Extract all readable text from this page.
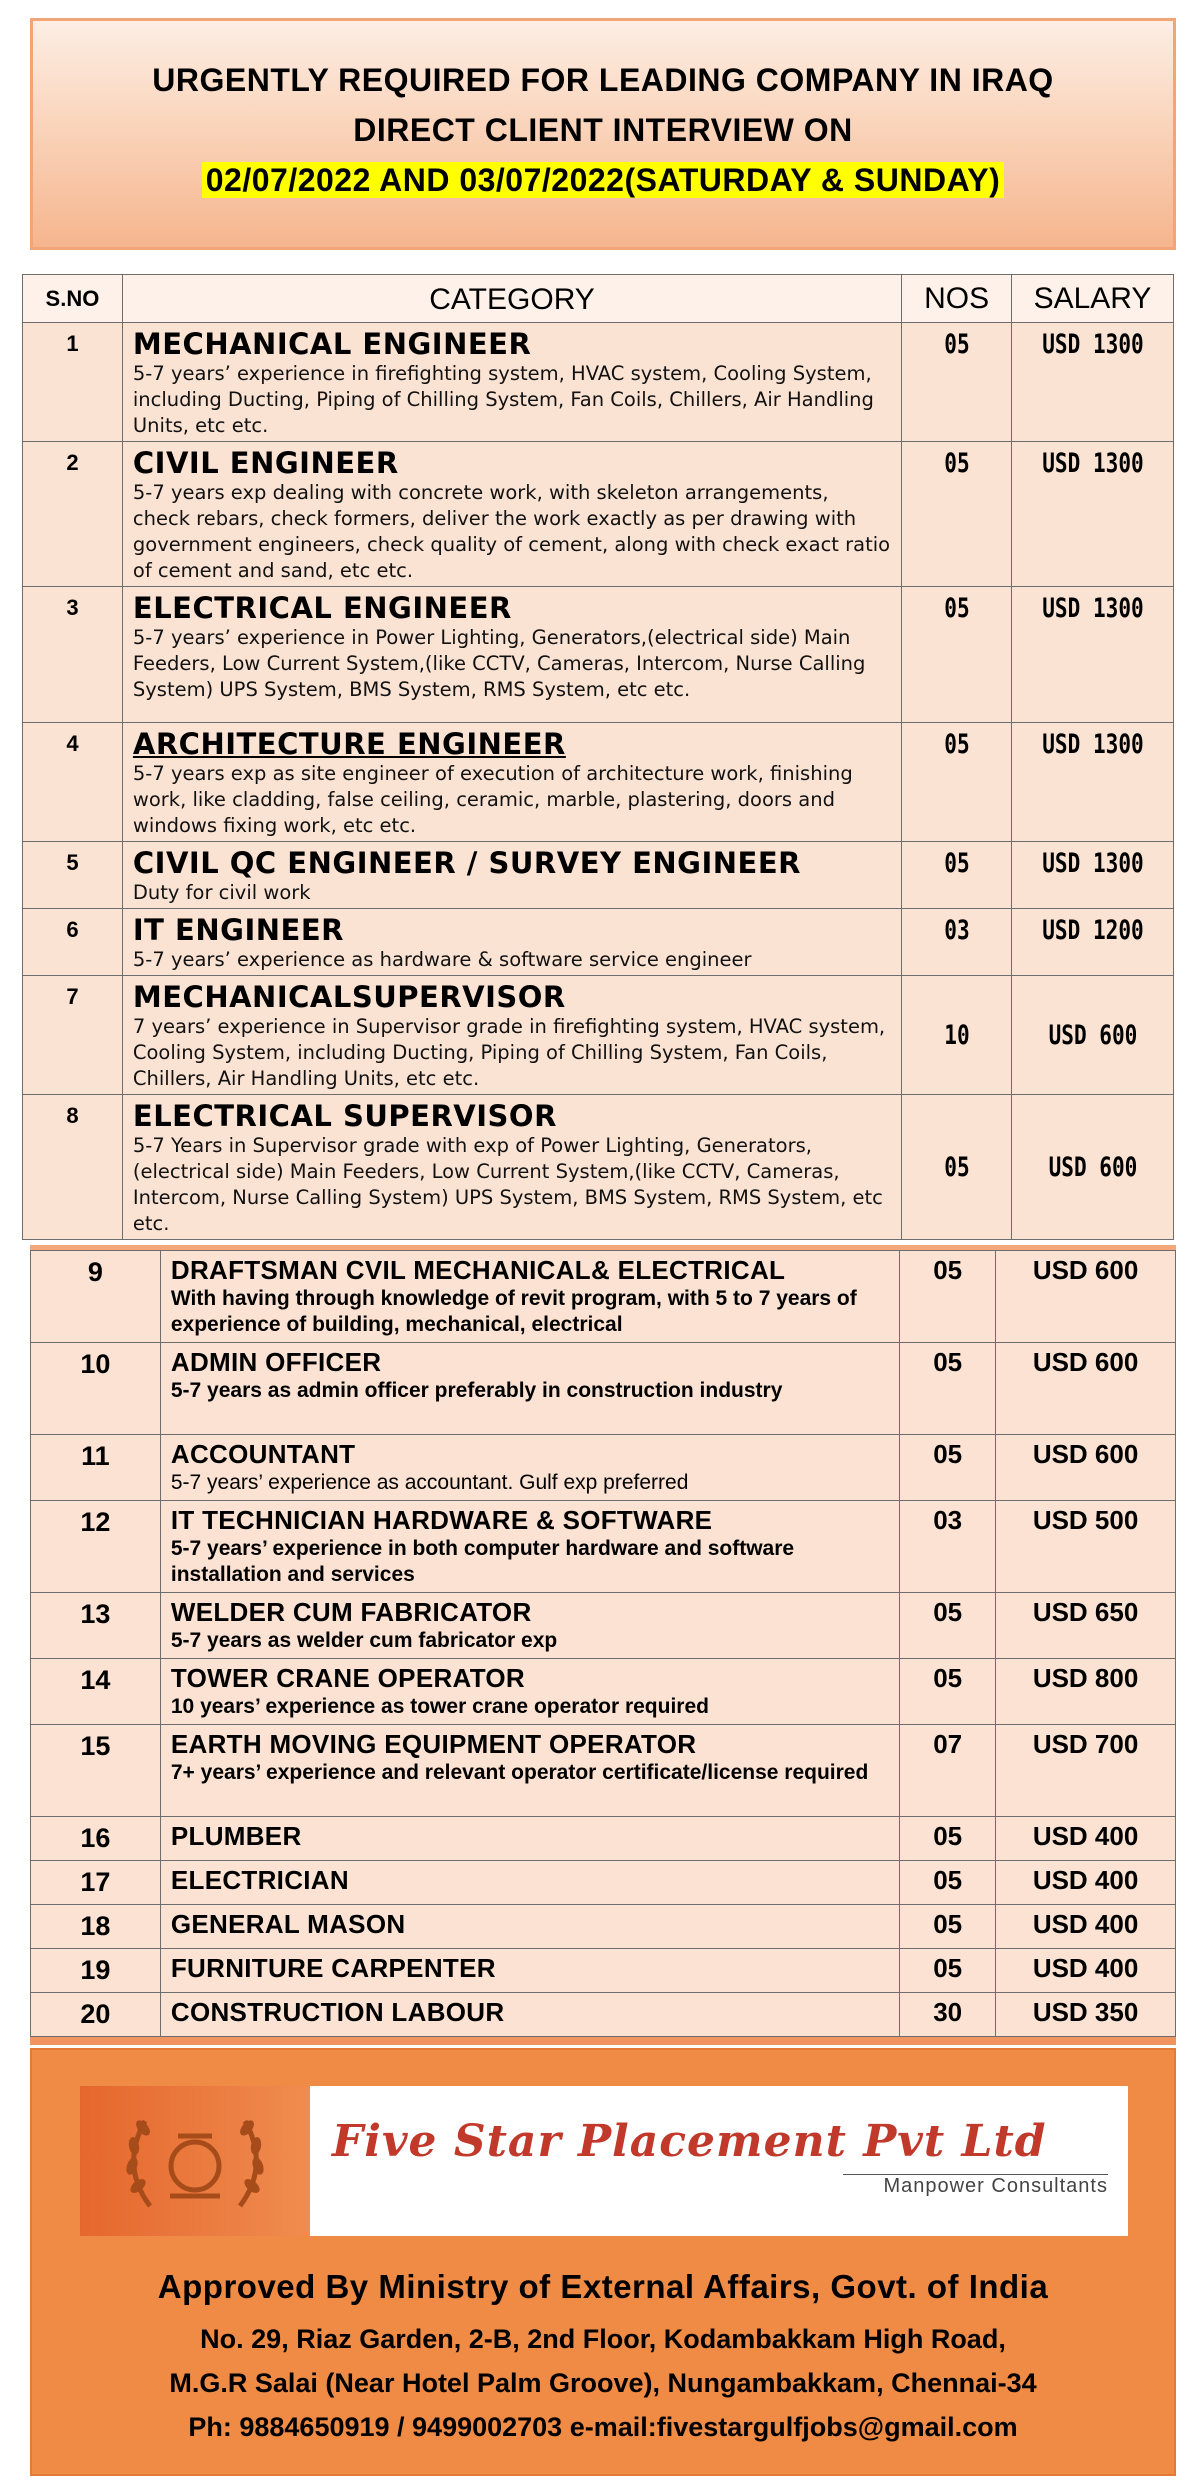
URGENTLY REQUIRED FOR LEADING COMPANY IN IRAQ
DIRECT CLIENT INTERVIEW ON
02/07/2022 AND 03/07/2022(SATURDAY & SUNDAY)
S.NO	CATEGORY	NOS	SALARY
1	MECHANICAL ENGINEER
5-7 years’ experience in firefighting system, HVAC system, Cooling System, including Ducting, Piping of Chilling System, Fan Coils, Chillers, Air Handling Units, etc etc.	05	USD 1300
2	CIVIL ENGINEER
5-7 years exp dealing with concrete work, with skeleton arrangements, check rebars, check formers, deliver the work exactly as per drawing with government engineers, check quality of cement, along with check exact ratio of cement and sand, etc etc.	05	USD 1300
3	ELECTRICAL ENGINEER
5-7 years’ experience in Power Lighting, Generators,(electrical side) Main Feeders, Low Current System,(like CCTV, Cameras, Intercom, Nurse Calling System) UPS System, BMS System, RMS System, etc etc.	05	USD 1300
4	ARCHITECTURE ENGINEER
5-7 years exp as site engineer of execution of architecture work, finishing work, like cladding, false ceiling, ceramic, marble, plastering, doors and windows fixing work, etc etc.	05	USD 1300
5	CIVIL QC ENGINEER / SURVEY ENGINEER
Duty for civil work	05	USD 1300
6	IT ENGINEER
5-7 years’ experience as hardware & software service engineer	03	USD 1200
7	MECHANICALSUPERVISOR
7 years’ experience in Supervisor grade in firefighting system, HVAC system, Cooling System, including Ducting, Piping of Chilling System, Fan Coils, Chillers, Air Handling Units, etc etc.	10	USD 600
8	ELECTRICAL SUPERVISOR
5-7 Years in Supervisor grade with exp of Power Lighting, Generators,(electrical side) Main Feeders, Low Current System,(like CCTV, Cameras, Intercom, Nurse Calling System) UPS System, BMS System, RMS System, etc etc.	05	USD 600
9	DRAFTSMAN CVIL MECHANICAL& ELECTRICAL
With having through knowledge of revit program, with 5 to 7 years of experience of building, mechanical, electrical	05	USD 600
10	ADMIN OFFICER
5-7 years as admin officer preferably in construction industry	05	USD 600
11	ACCOUNTANT
5-7 years’ experience as accountant. Gulf exp preferred	05	USD 600
12	IT TECHNICIAN HARDWARE & SOFTWARE
5-7 years’ experience in both computer hardware and software installation and services	03	USD 500
13	WELDER CUM FABRICATOR
5-7 years as welder cum fabricator exp	05	USD 650
14	TOWER CRANE OPERATOR
10 years’ experience as tower crane operator required	05	USD 800
15	EARTH MOVING EQUIPMENT OPERATOR
7+ years’ experience and relevant operator certificate/license required	07	USD 700
16	PLUMBER	05	USD 400
17	ELECTRICIAN	05	USD 400
18	GENERAL MASON	05	USD 400
19	FURNITURE CARPENTER	05	USD 400
20	CONSTRUCTION LABOUR	30	USD 350
Five Star Placement Pvt Ltd
Manpower Consultants
Approved By Ministry of External Affairs, Govt. of India
No. 29, Riaz Garden, 2-B, 2nd Floor, Kodambakkam High Road,
M.G.R Salai (Near Hotel Palm Groove), Nungambakkam, Chennai-34
Ph: 9884650919 / 9499002703 e-mail:fivestargulfjobs@gmail.com
